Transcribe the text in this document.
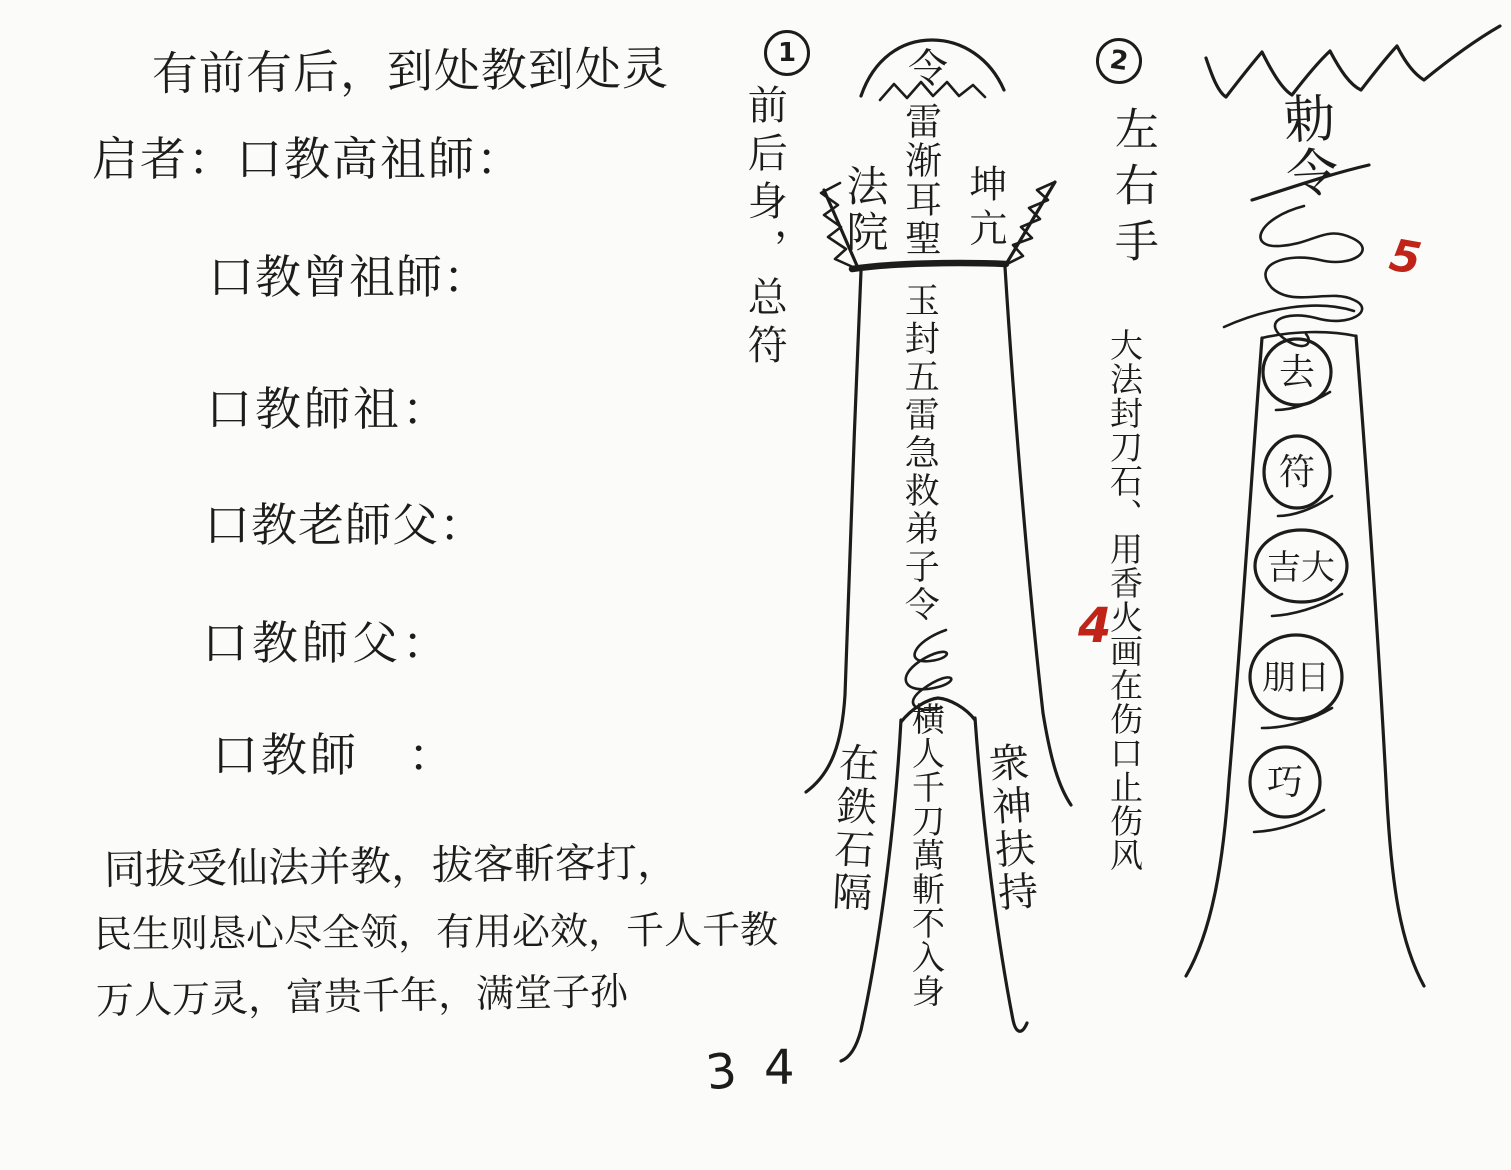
有前有后，到处教到处灵
启者：口教高祖師：
口教曾祖師：
口教師祖：
口教老師父：
口教師父：
口教師　：
同拔受仙法并教，拔客斬客打，
民生则恳心尽全领，有用必效，千人千教
万人万灵，富贵千年，满堂子孙
3 4
1
前后身，总符
令
雷渐耳聖
法院 坤亢
玉封五雷急救弟子令
横人千刀萬斬不入身
在鉄石隔	衆神扶持
4
2
左右手
大法封刀石、用香火画在伤口止伤风
勅令
5
去
符
吉大
朋日
巧
